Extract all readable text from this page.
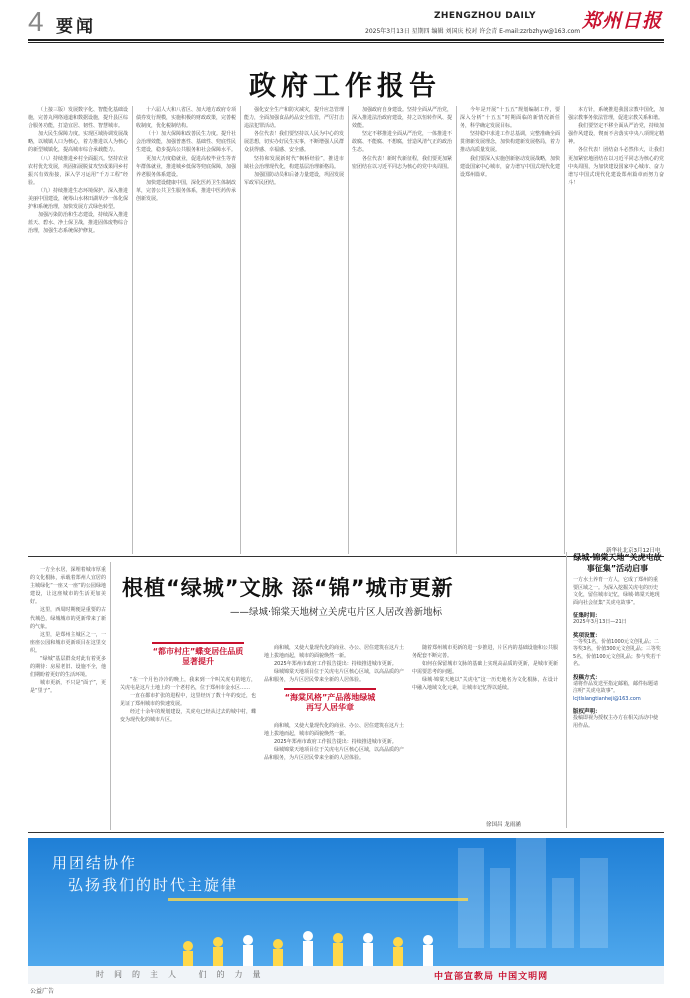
4 要闻
ZHENGZHOU DAILY
2025年3月13日 星期四 编辑 刘国庆 校对 许会青 E-mail:zzrbzhyw@163.com 郑州日报
政府工作报告

（上接三版）发展数字化、智能化基础设施，完善丸网络通道和数据设施，提升县区综合服务功能，打造宜居、韧性、智慧城市。

加大民生保障力度。实现区域协调发展战略，以城镇人口为核心，着力推进以人为核心的新型城镇化，提高城市综合承载能力。

（八）持续推进乡村全面振兴。坚持农业农村优先发展，巩固拓展脱贫攻坚成果同乡村振兴有效衔接，深入学习运用“千万工程”经验。

（九）持续推进生态环境保护。深入推进美丽中国建设，统筹山水林田湖草沙一体化保护和系统治理，加快发展方式绿色转型。

加强污染防治和生态建设，持续深入推进蓝天、碧水、净土保卫战，推进固体废物综合治理，加强生态系统保护修复。

十六届人大和八省区、加大地方政府专项债券发行规模，实施积极的财政政策，完善税收制度，优化税制结构。

（十）加大保障和改善民生力度。提升社会治理效能，加强普惠性、基础性、兜底性民生建设，稳步提高公共服务和社会保障水平。

更加大力度稳就业，促进高校毕业生等青年群体就业，推进城乡低保等兜底保障，加强养老服务体系建设。

加快建设健康中国，深化医药卫生体制改革，完善公共卫生服务体系，推进中医药传承创新发展。

强化安全生产和防灾减灾，提升应急管理能力，全面加强食品药品安全监管，严厉打击违法犯罪活动。

各位代表！我们要坚持以人民为中心的发展思想，切实办好民生实事，不断增强人民群众获得感、幸福感、安全感。

坚持和发展新时代“枫桥经验”，推进市域社会治理现代化，构建基层治理新格局。

加强国防动员和后备力量建设，巩固发展军政军民团结。

加强政府自身建设。坚持全面从严治党，深入推进法治政府建设，持之以恒转作风、提效能。

坚定不移推进全面从严治党，一体推进不敢腐、不能腐、不想腐，营造风清气正的政治生态。

各位代表！新时代新征程，我们要更加紧密团结在以习近平同志为核心的党中央周围。

今年是开展“十五五”规划编制工作，要深入分析“十五五”时期面临的新情况新任务，科学确定发展目标。

坚持稳中求进工作总基调，完整准确全面贯彻新发展理念，加快构建新发展格局，着力推动高质量发展。

我们要深入实施创新驱动发展战略，加快建设国家中心城市，奋力谱写中国式现代化建设郑州篇章。

本方针，系统推进我国宗教中国化，加强宗教事务依法管理，促进宗教关系和谐。

我们要坚定不移全面从严治党，持续加强作风建设，锲而不舍落实中央八项规定精神。

各位代表！团结奋斗必然伟大，让我们更加紧密地团结在以习近平同志为核心的党中央周围，为加快建设国家中心城市、奋力谱写中国式现代化建设郑州篇章而努力奋斗！

新华社北京3月12日电

一方全水居，深埋着城市厚重的文化根脉，承载着郑州人宜居的主城绿化“一座又一座”的公园绿地建设，让这座城市的生活更加美好。

这里，西周时期便是重要的古代城邑，绿城城市的更新带来了新的气象。

这里，是郑州主城区之一，一座座公园和城市更新项目在这里交织。

“绿城”基层群众对此有着更多的期待：房屋老旧、设施不全，他们期盼着更好的生活环境。

城市更新，不只是“面子”，更是“里子”。

根植“绿城”文脉 添“锦”城市更新
——绿城·锦棠天地树立关虎屯片区人居改善新地标
“都市村庄”蝶变居住品质显著提升

“在一个月色冷冷的晚上，我来到一个叫关虎屯的地方，关虎屯是这片土地上的一个老村名，位于郑州市金水区……

一直在都市扩张的进程中，这里经历了数十年的变迁，也见证了郑州城市的快速发展。

经过十余年的规划建设，关虎屯已经从过去的城中村，蝶变为现代化的城市片区。

“海棠风格”产品落地绿城再写人居华章

商和城，又使大量现代化的商业、办公、居住建筑在这片土地上拔地而起，城市的面貌焕然一新。

2025年郑州市政府工作报告提出：持续推进城市更新。

绿城锦棠天地项目位于关虎屯片区核心区域，以高品质的产品和服务，为片区居民带来全新的人居体验。

商和城，又使大量现代化的商业、办公、居住建筑在这片土地上拔地而起，城市的面貌焕然一新。

2025年郑州市政府工作报告提出：持续推进城市更新。

绿城锦棠天地项目位于关虎屯片区核心区域，以高品质的产品和服务，为片区居民带来全新的人居体验。

随着郑州城市更新的进一步推进，片区内的基础设施和公共服务配套不断完善。

如何在保留城市文脉的基础上实现高品质的更新，是城市更新中需要思考的问题。

绿城·锦棠天地以“关虎屯”这一历史地名为文化根脉，在设计中融入地域文化元素，让城市记忆得以延续。

徐国昌 龙雨涵
绿城·锦棠天地“关虎屯故事征集”活动启事
一方水土养育一方人，它成了郑州的重要区域之一。为深入挖掘关虎屯的历史文化，留住城市记忆，绿城·锦棠天地现面向社会征集“关虎屯故事”。
征集时间：
2025年3月13日—21日
奖项设置：
一等奖1名，价值1000元文创礼品；二等奖3名，价值300元文创礼品；三等奖5名，价值100元文创礼品；参与奖若干名。
投稿方式：
请将作品发送至指定邮箱，邮件标题请注明“关虎屯故事”。
lcjtlslangtianheji@163.com
版权声明：
投稿即视为授权主办方在相关活动中使用作品。
用团结协作
弘扬我们的时代主旋律
时间的主人 们的力量	中宣部宣教局 中国文明网
公益广告
